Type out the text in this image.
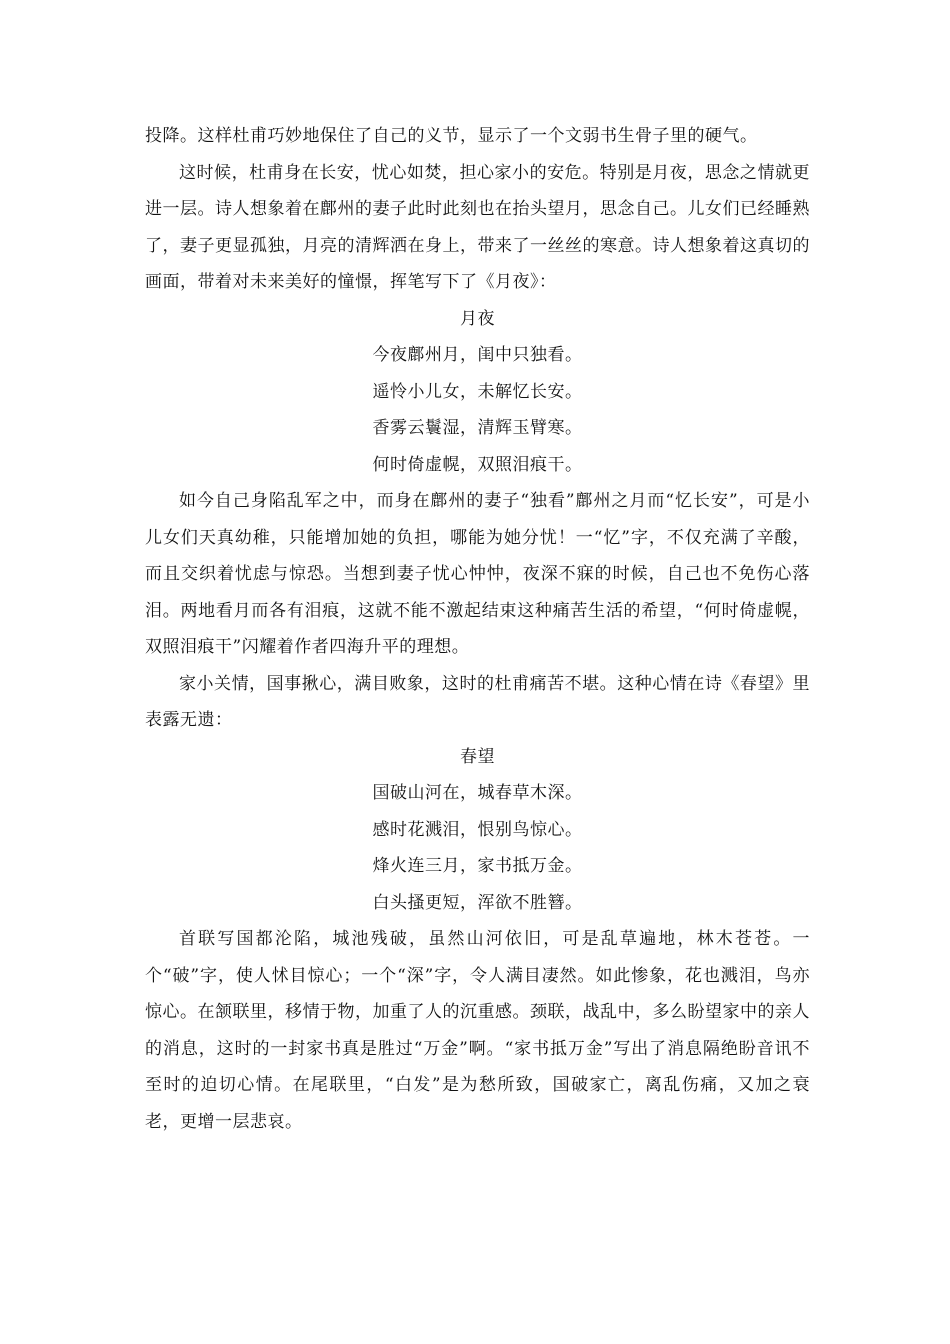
投降。这样杜甫巧妙地保住了自己的义节，显示了一个文弱书生骨子里的硬气。

这时候，杜甫身在长安，忧心如焚，担心家小的安危。特别是月夜，思念之情就更进一层。诗人想象着在鄜州的妻子此时此刻也在抬头望月，思念自己。儿女们已经睡熟了，妻子更显孤独，月亮的清辉洒在身上，带来了一丝丝的寒意。诗人想象着这真切的画面，带着对未来美好的憧憬，挥笔写下了《月夜》：

月夜
今夜鄜州月，闺中只独看。
遥怜小儿女，未解忆长安。
香雾云鬟湿，清辉玉臂寒。
何时倚虚幌，双照泪痕干。

如今自己身陷乱军之中，而身在鄜州的妻子“独看”鄜州之月而“忆长安”，可是小儿女们天真幼稚，只能增加她的负担，哪能为她分忧！一“忆”字，不仅充满了辛酸，而且交织着忧虑与惊恐。当想到妻子忧心忡忡，夜深不寐的时候，自己也不免伤心落泪。两地看月而各有泪痕，这就不能不激起结束这种痛苦生活的希望，“何时倚虚幌，双照泪痕干”闪耀着作者四海升平的理想。

家小关情，国事揪心，满目败象，这时的杜甫痛苦不堪。这种心情在诗《春望》里表露无遗：

春望
国破山河在，城春草木深。
感时花溅泪，恨别鸟惊心。
烽火连三月，家书抵万金。
白头搔更短，浑欲不胜簪。

首联写国都沦陷，城池残破，虽然山河依旧，可是乱草遍地，林木苍苍。一个“破”字，使人怵目惊心；一个“深”字，令人满目凄然。如此惨象，花也溅泪，鸟亦惊心。在颔联里，移情于物，加重了人的沉重感。颈联，战乱中，多么盼望家中的亲人的消息，这时的一封家书真是胜过“万金”啊。“家书抵万金”写出了消息隔绝盼音讯不至时的迫切心情。在尾联里，“白发”是为愁所致，国破家亡，离乱伤痛，又加之衰老，更增一层悲哀。
